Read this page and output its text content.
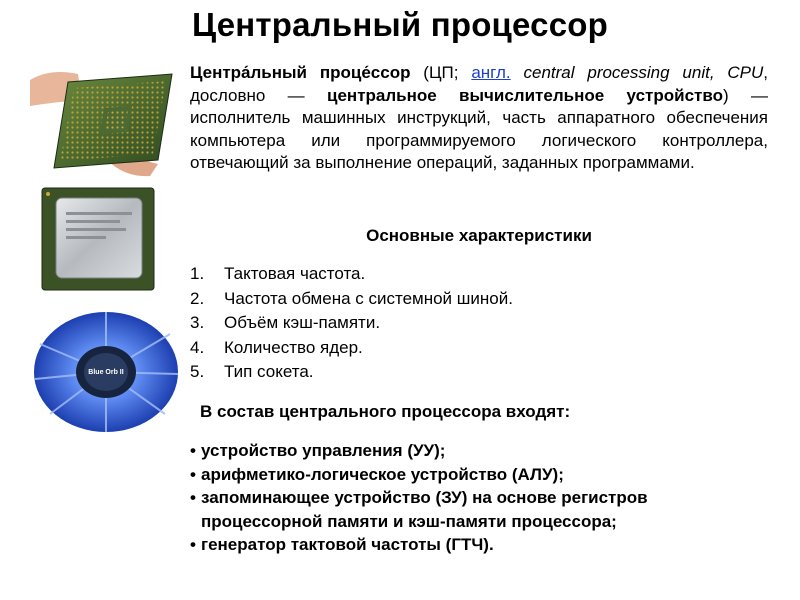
Центральный процессор
Blue Orb II
Центра́льный проце́ссор (ЦП; англ. central processing unit, CPU, дословно — центральное вычислительное устройство) — исполнитель машинных инструкций, часть аппаратного обеспечения компьютера или программируемого логического контроллера, отвечающий за выполнение операций, заданных программами.
Основные характеристики
1. Тактовая частота.
2. Частота обмена с системной шиной.
3. Объём кэш-памяти.
4. Количество ядер.
5. Тип сокета.
В состав центрального процессора входят:
• устройство управления (УУ);
• арифметико-логическое устройство (АЛУ);
• запоминающее устройство (ЗУ) на основе регистров процессорной памяти и кэш-памяти процессора;
• генератор тактовой частоты (ГТЧ).
